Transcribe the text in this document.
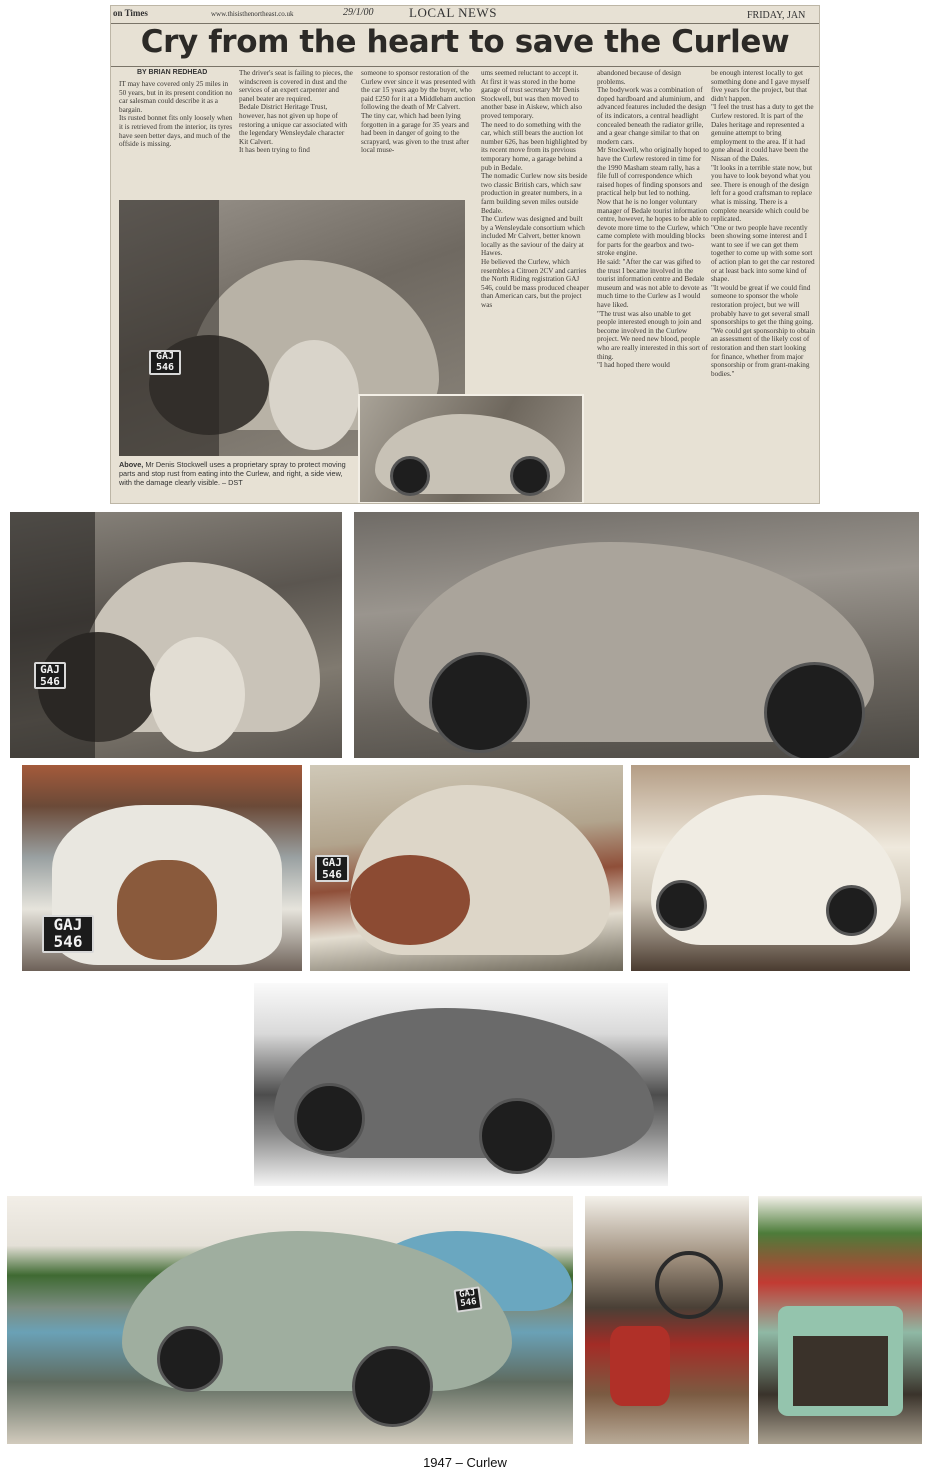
on Times	www.thisisthenortheast.co.uk	29/1/00	LOCAL NEWS	FRIDAY, JAN
Cry from the heart to save the Curlew
BY BRIAN REDHEAD
IT may have covered only 25 miles in 50 years, but in its present condition no car salesman could describe it as a bargain.
Its rusted bonnet fits only loosely when it is retrieved from the interior, its tyres have seen better days, and much of the offside is missing.
The driver's seat is failing to pieces, the windscreen is covered in dust and the services of an expert carpenter and panel beater are required.
Bedale District Heritage Trust, however, has not given up hope of restoring a unique car associated with the legendary Wensleydale character Kit Calvert.
It has been trying to find
someone to sponsor restoration of the Curlew ever since it was presented with the car 15 years ago by the buyer, who paid £250 for it at a Middleham auction following the death of Mr Calvert.
The tiny car, which had been lying forgotten in a garage for 35 years and had been in danger of going to the scrapyard, was given to the trust after local muse-
ums seemed reluctant to accept it.
At first it was stored in the home garage of trust secretary Mr Denis Stockwell, but was then moved to another base in Aiskew, which also proved temporary.
The need to do something with the car, which still bears the auction lot number 626, has been highlighted by its recent move from its previous temporary home, a garage behind a pub in Bedale.
The nomadic Curlew now sits beside two classic British cars, which saw production in greater numbers, in a farm building seven miles outside Bedale.
The Curlew was designed and built by a Wensleydale consortium which included Mr Calvert, better known locally as the saviour of the dairy at Hawes.
He believed the Curlew, which resembles a Citroen 2CV and carries the North Riding registration GAJ 546, could be mass produced cheaper than American cars, but the project was
abandoned because of design problems.
The bodywork was a combination of doped hardboard and aluminium, and advanced features included the design of its indicators, a central headlight concealed beneath the radiator grille, and a gear change similar to that on modern cars.
Mr Stockwell, who originally hoped to have the Curlew restored in time for the 1990 Masham steam rally, has a file full of correspondence which raised hopes of finding sponsors and practical help but led to nothing.
Now that he is no longer voluntary manager of Bedale tourist information centre, however, he hopes to be able to devote more time to the Curlew, which came complete with moulding blocks for parts for the gearbox and two-stroke engine.
He said: "After the car was gifted to the trust I became involved in the tourist information centre and Bedale museum and was not able to devote as much time to the Curlew as I would have liked.
"The trust was also unable to get people interested enough to join and become involved in the Curlew project. We need new blood, people who are really interested in this sort of thing.
"I had hoped there would
be enough interest locally to get something done and I gave myself five years for the project, but that didn't happen.
"I feel the trust has a duty to get the Curlew restored. It is part of the Dales heritage and represented a genuine attempt to bring employment to the area. If it had gone ahead it could have been the Nissan of the Dales.
"It looks in a terrible state now, but you have to look beyond what you see. There is enough of the design left for a good craftsman to replace what is missing. There is a complete nearside which could be replicated.
"One or two people have recently been showing some interest and I want to see if we can get them together to come up with some sort of action plan to get the car restored or at least back into some kind of shape.
"It would be great if we could find someone to sponsor the whole restoration project, but we will probably have to get several small sponsorships to get the thing going.
"We could get sponsorship to obtain an assessment of the likely cost of restoration and then start looking for finance, whether from major sponsorship or from grant-making bodies."
GAJ
546
Above, Mr Denis Stockwell uses a proprietary spray to protect moving parts and stop rust from eating into the Curlew, and right, a side view, with the damage clearly visible. – DST
GAJ
546
GAJ
546
GAJ
546
GAJ
546
1947 – Curlew
